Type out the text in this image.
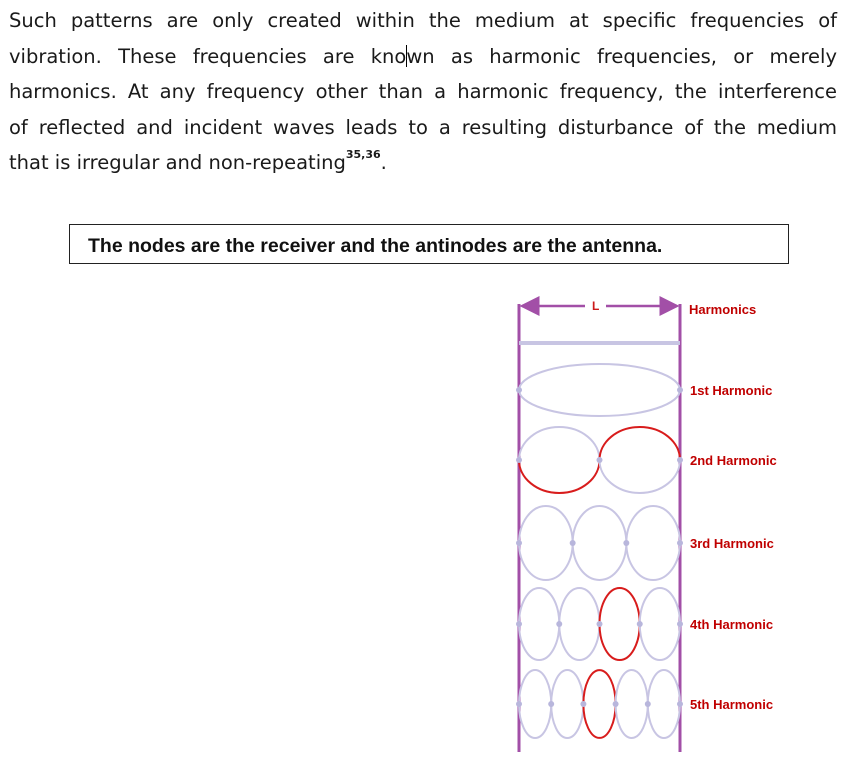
Such patterns are only created within the medium at specific frequencies of
vibration. These frequencies are known as harmonic frequencies, or merely
harmonics. At any frequency other than a harmonic frequency, the interference
of reflected and incident waves leads to a resulting disturbance of the medium
that is irregular and non-repeating$^{35,36}$.
The nodes are the receiver and the antinodes are the antenna.
L	Harmonics
1st Harmonic
2nd Harmonic
3rd Harmonic
4th Harmonic
5th Harmonic
